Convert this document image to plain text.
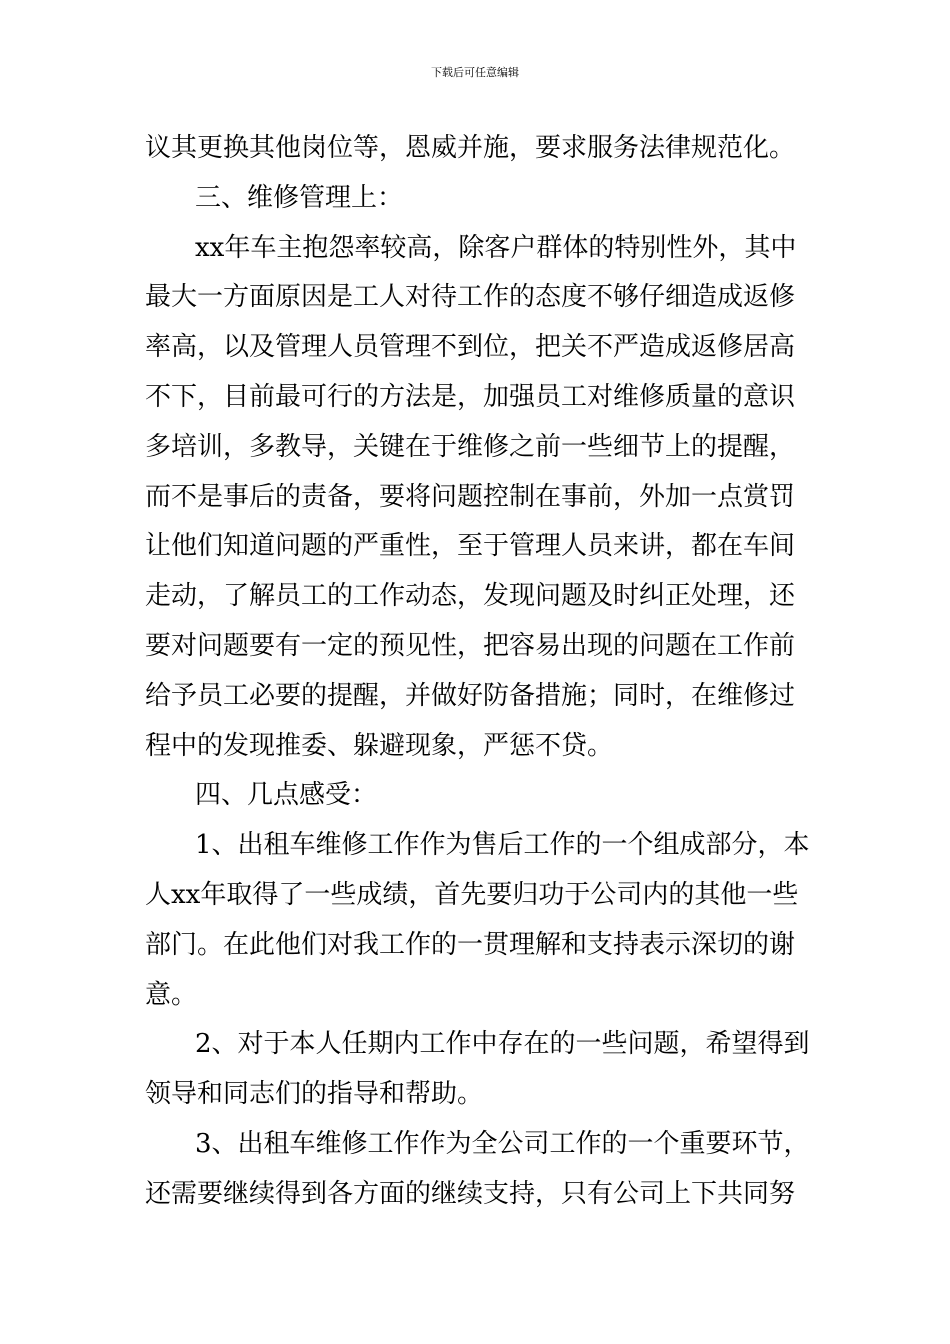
下载后可任意编辑
议其更换其他岗位等，恩威并施，要求服务法律规范化。
三、维修管理上：
xx年车主抱怨率较高，除客户群体的特别性外，其中
最大一方面原因是工人对待工作的态度不够仔细造成返修
率高，以及管理人员管理不到位，把关不严造成返修居高
不下，目前最可行的方法是，加强员工对维修质量的意识
多培训，多教导，关键在于维修之前一些细节上的提醒，
而不是事后的责备，要将问题控制在事前，外加一点赏罚
让他们知道问题的严重性，至于管理人员来讲，都在车间
走动，了解员工的工作动态，发现问题及时纠正处理，还
要对问题要有一定的预见性，把容易出现的问题在工作前
给予员工必要的提醒，并做好防备措施；同时，在维修过
程中的发现推委、躲避现象，严惩不贷。
四、几点感受：
1、出租车维修工作作为售后工作的一个组成部分，本
人xx年取得了一些成绩，首先要归功于公司内的其他一些
部门。在此他们对我工作的一贯理解和支持表示深切的谢
意。
2、对于本人任期内工作中存在的一些问题，希望得到
领导和同志们的指导和帮助。
3、出租车维修工作作为全公司工作的一个重要环节，
还需要继续得到各方面的继续支持，只有公司上下共同努
